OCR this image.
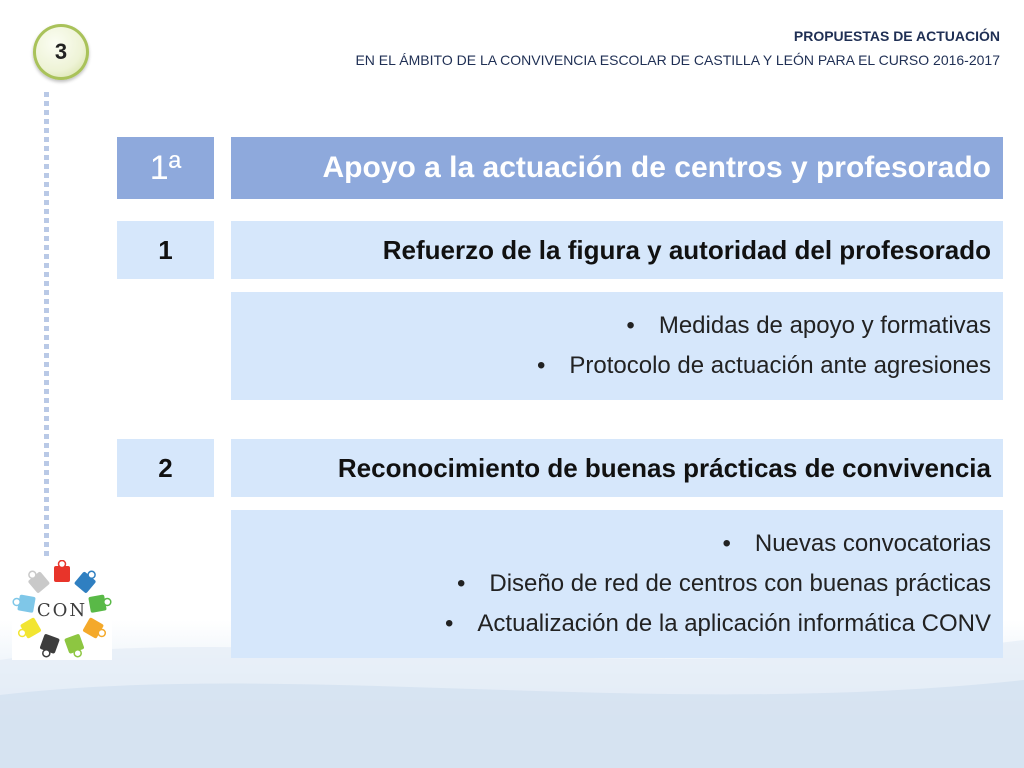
3
PROPUESTAS DE ACTUACIÓN
EN EL ÁMBITO DE LA CONVIVENCIA ESCOLAR DE CASTILLA Y LEÓN PARA EL CURSO 2016-2017
1ª	Apoyo a la actuación de centros y profesorado
1	Refuerzo de la figura y autoridad del profesorado
• Medidas de apoyo y formativas
• Protocolo de actuación ante agresiones
2	Reconocimiento de buenas prácticas de convivencia
• Nuevas convocatorias
• Diseño de red de centros con buenas prácticas
• Actualización de la aplicación informática CONV
CON
